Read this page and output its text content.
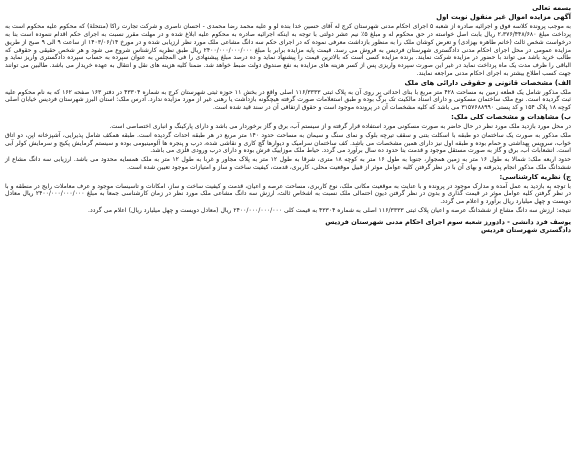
بسمه تعالی
آگهی مزایده اموال غیر منقول نوبت اول

به موجب پرونده کلاسه فوق و اجرائیه صادره از شعبه ۵ اجرای احکام مدنی شهرستان کرج له آقای حسین خدا بنده لو و علیه محمد رضا محمدی - احسان ناصری و شرکت تجارت راکا (منتحلهٔ) که محکوم علیه محکوم است به پرداخت مبلغ ۲،۳۷۶/۴۴۸/۶۸۰ ریال بابت اصل خواسته در حق محکوم له و مبلغ ۵٪ نیم عشر دولتی با توجه به اینکه اجرائیه صادره به محکوم علیه ابلاغ شده و در مهلت مقرر نسبت به اجرای حکم اقدام ننموده است بنا به درخواست شخص ثالث (خانم طاهره بهزادی) و تعرض کوشان ملک را به منظور بازداشت معرفی نموده که در اجرای حکم سه دانگ مشاعی ملک مورد نظر ارزیابی شده و در مورخ ۱۴۰۳/۰۶/۱۴ از ساعت ۹ الی ۹ صبح از طریق مزایده عمومی در محل اجرای احکام مدنی دادگستری شهرستان فردیس به فروش می رسد. قیمت پایه مزایده برابر با مبلغ ۲۴۰۰/۰۰۰/۰۰۰/۰۰۰ ریال طبق نظریه کارشناس شروع می شود و هر شخص حقیقی و حقوقی که طالب خرید باشد می تواند با حضور در مزایده شرکت نمایند. برنده مزایده کسی است که بالاترین قیمت را پیشنهاد نماید و ده درصد مبلغ پیشنهادی را فی المجلس به عنوان سپرده به حساب سپرده دادگستری واریز نماید و الباقی را ظرف مدت یک ماه پرداخت نماید در غیر این صورت سپرده واریزی پس از کسر هزینه های مزایده به نفع صندوق دولت ضبط خواهد شد. ضمنا کلیه هزینه های نقل و انتقال به عهده خریدار می باشد. طالبین می توانند جهت کسب اطلاع بیشتر به اجرای احکام مدنی مراجعه نمایند.

الف) مشخصات قانونی و حقوقی دارائی های ملک

ملک مذکور شامل یک قطعه زمین به مساحت ۴۲۸ متر مربع با بنای احداثی بر روی آن به پلاک ثبتی ۱۱۶/۳۳۳۳ اصلی واقع در بخش ۱۱ حوزه ثبتی شهرستان کرج به شماره ۴۳۳۰۴ در دفتر ۱۶۳ صفحه ۱۶۲ که به نام محکوم علیه ثبت گردیده است. نوع ملک ساختمان مسکونی و دارای اسناد مالکیت تک برگ بوده و طبق استعلامات صورت گرفته هیچگونه بازداشت یا رهنی غیر از مورد مزایده ندارد. آدرس ملک: استان البرز شهرستان فردیس خیابان اصلی کوچه ۱۸ پلاک ۱۵۴ و کد پستی ۳۱۵۷۶۸۸۹۹۰ می باشد که کلیه مشخصات آن در پرونده موجود است و حقوق ارتفاقی آن در سند قید شده است.

ب) مشاهدات و مشخصات کلی ملک:

در محل مورد بازدید ملک مورد نظر در حال حاضر به صورت مسکونی مورد استفاده قرار گرفته و از سیستم آب، برق و گاز برخوردار می باشد و دارای پارکینگ و انباری اختصاصی است.

ملک مذکور به صورت یک ساختمان دو طبقه با اسکلت بتنی و سقف تیرچه بلوک و نمای سنگ و سیمان به مساحت حدود ۱۴۰ متر مربع در هر طبقه احداث گردیده است. طبقه همکف شامل پذیرایی، آشپزخانه اپن، دو اتاق خواب، سرویس بهداشتی و حمام بوده و طبقه اول نیز دارای همین مشخصات می باشد. کف ساختمان سرامیک و دیوارها گچ کاری و نقاشی شده، درب و پنجره ها آلومینیومی بوده و سیستم گرمایش پکیج و سرمایش کولر آبی است. انشعابات آب، برق و گاز به صورت مستقل موجود و قدمت بنا حدود ده سال برآورد می گردد. حیاط ملک موزاییک فرش بوده و دارای درب ورودی فلزی می باشد.

حدود اربعه ملک: شمالا به طول ۱۶ متر به زمین همجوار، جنوبا به طول ۱۶ متر به کوچه ۱۸ متری، شرقا به طول ۱۲ متر به پلاک مجاور و غربا به طول ۱۲ متر به ملک همسایه محدود می باشد. ارزیابی سه دانگ مشاع از ششدانگ ملک مذکور انجام پذیرفته و بهای آن با در نظر گرفتن کلیه عوامل موثر از قبیل موقعیت محلی، کاربری، قدمت، کیفیت ساخت و ساز و امتیازات موجود تعیین شده است.

ج) نظریه کارشناسی:

با توجه به بازدید به عمل آمده و مدارک موجود در پرونده و با عنایت به موقعیت مکانی ملک، نوع کاربری، مساحت عرصه و اعیان، قدمت و کیفیت ساخت و ساز، امکانات و تاسیسات موجود و عرف معاملات رایج در منطقه و با در نظر گرفتن کلیه عوامل موثر در قیمت گذاری و بدون در نظر گرفتن دیون احتمالی ملک نسبت به اشخاص ثالث، ارزش سه دانگ مشاعی ملک مورد نظر در زمان کارشناسی جمعا به مبلغ ۲۴۰۰/۰۰۰/۰۰۰/۰۰۰ ریال معادل دویست و چهل میلیارد ریال برآورد و اعلام می گردد.

نتیجه: ارزش سه دانگ مشاع از ششدانگ عرصه و اعیان پلاک ثبتی ۱۱۶/۳۳۳۳ اصلی به شماره ۴۳۳۰۴ به قیمت کلی ۲۴۰۰/۰۰۰/۰۰۰/۰۰۰ ریال (معادل دویست و چهل میلیارد ریال) اعلام می گردد.

یوسف فرد دانشی - دادورز شعبه سوم اجرای احکام مدنی شهرستان فردیس
دادگستری شهرستان فردیس
